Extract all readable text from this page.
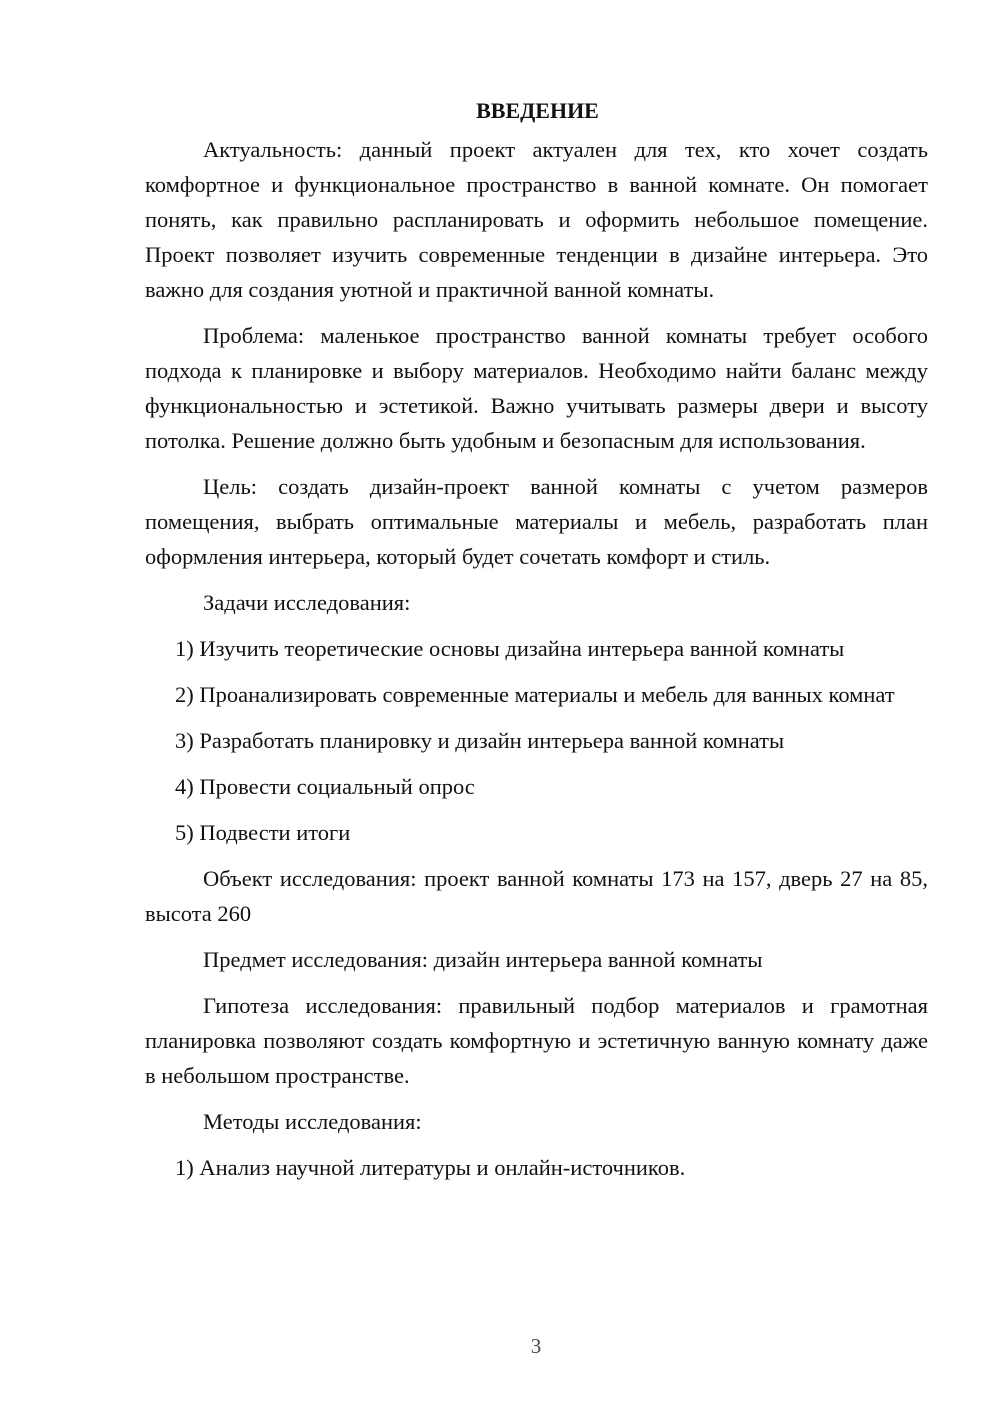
ВВЕДЕНИЕ

Актуальность: данный проект актуален для тех, кто хочет создать комфортное и функциональное пространство в ванной комнате. Он помогает понять, как правильно распланировать и оформить небольшое помещение. Проект позволяет изучить современные тенденции в дизайне интерьера. Это важно для создания уютной и практичной ванной комнаты.

Проблема: маленькое пространство ванной комнаты требует особого подхода к планировке и выбору материалов. Необходимо найти баланс между функциональностью и эстетикой. Важно учитывать размеры двери и высоту потолка. Решение должно быть удобным и безопасным для использования.

Цель: создать дизайн-проект ванной комнаты с учетом размеров помещения, выбрать оптимальные материалы и мебель, разработать план оформления интерьера, который будет сочетать комфорт и стиль.

Задачи исследования:

1) Изучить теоретические основы дизайна интерьера ванной комнаты

2) Проанализировать современные материалы и мебель для ванных комнат

3) Разработать планировку и дизайн интерьера ванной комнаты

4) Провести социальный опрос

5) Подвести итоги

Объект исследования: проект ванной комнаты 173 на 157, дверь 27 на 85, высота 260

Предмет исследования: дизайн интерьера ванной комнаты

Гипотеза исследования: правильный подбор материалов и грамотная планировка позволяют создать комфортную и эстетичную ванную комнату даже в небольшом пространстве.

Методы исследования:

1) Анализ научной литературы и онлайн-источников.

3
